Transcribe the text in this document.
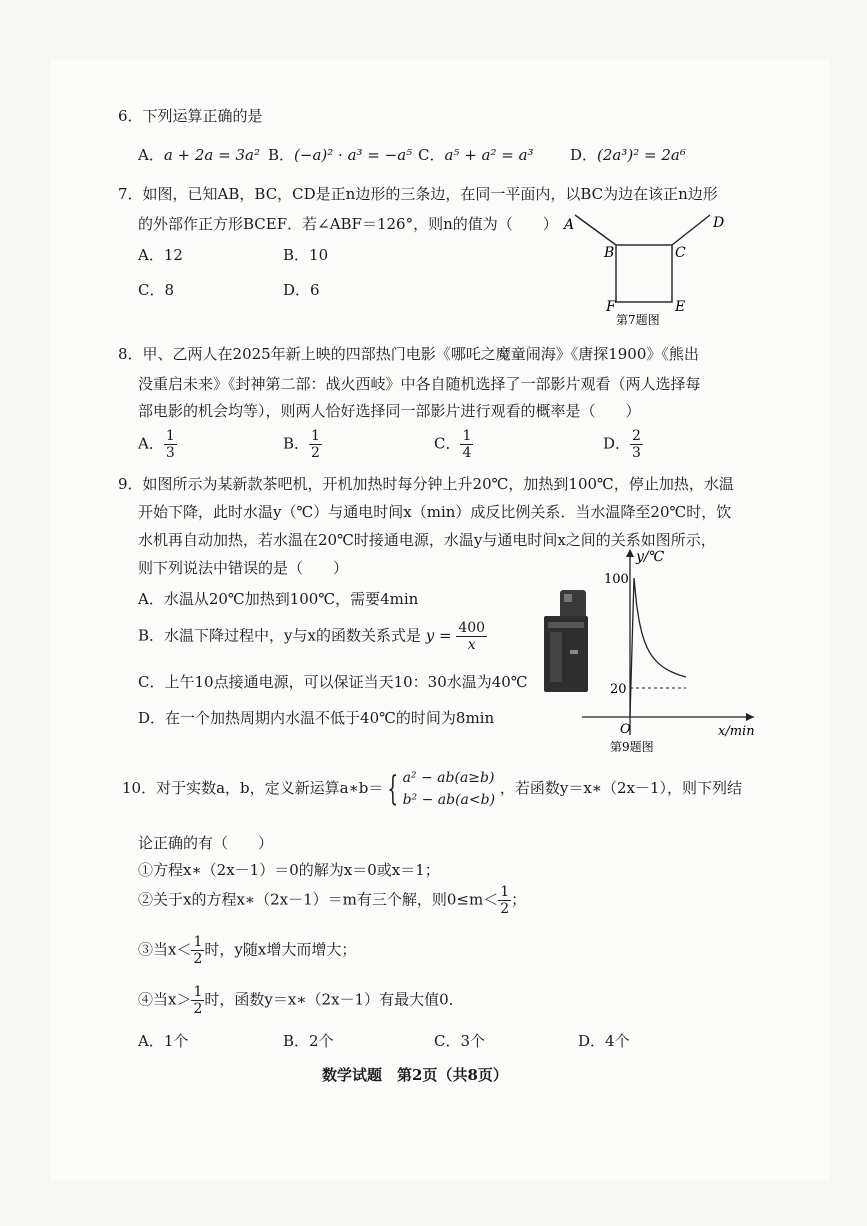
6．下列运算正确的是
A．a + 2a = 3a² B．(−a)² · a³ = −a⁵ C．a⁵ + a² = a³ D．(2a³)² = 2a⁶
7．如图，已知AB，BC，CD是正n边形的三条边，在同一平面内，以BC为边在该正n边形
的外部作正方形BCEF．若∠ABF＝126°，则n的值为（　　）
A．12	B．10
C．8	D．6
A
B	C
D
E
F
第7题图
8．甲、乙两人在2025年新上映的四部热门电影《哪吒之魔童闹海》《唐探1900》《熊出
没重启未来》《封神第二部：战火西岐》中各自随机选择了一部影片观看（两人选择每
部电影的机会均等），则两人恰好选择同一部影片进行观看的概率是（　　）
A． $\frac{1}{3}$	B． $\frac{1}{2}$	C． $\frac{1}{4}$	D． $\frac{2}{3}$
9．如图所示为某新款茶吧机，开机加热时每分钟上升20℃，加热到100℃，停止加热，水温
开始下降，此时水温y（℃）与通电时间x（min）成反比例关系．当水温降至20℃时，饮
水机再自动加热，若水温在20℃时接通电源，水温y与通电时间x之间的关系如图所示，
则下列说法中错误的是（　　）
A．水温从20℃加热到100℃，需要4min
B．水温下降过程中，y与x的函数关系式是 $y = \frac{400}{x}$
C．上午10点接通电源，可以保证当天10：30水温为40℃
D．在一个加热周期内水温不低于40℃的时间为8min
y/℃
x/min
O
100
20
第9题图
10．对于实数a，b，定义新运算a∗b＝ { a² − ab(a≥b)
b² − ab(a<b)
，若函数y＝x∗（2x－1），则下列结
论正确的有（　　）
①方程x∗（2x－1）＝0的解为x＝0或x＝1；
②关于x的方程x∗（2x－1）＝m有三个解，则$0\le m< \frac{1}{2}$ ；
③当$x< \frac{1}{2}$ 时，y随x增大而增大；
④当$x> \frac{1}{2}$ 时，函数y＝x∗（2x－1）有最大值0．
A．1个	B．2个	C．3个	D．4个
数学试题　第2页（共8页）
